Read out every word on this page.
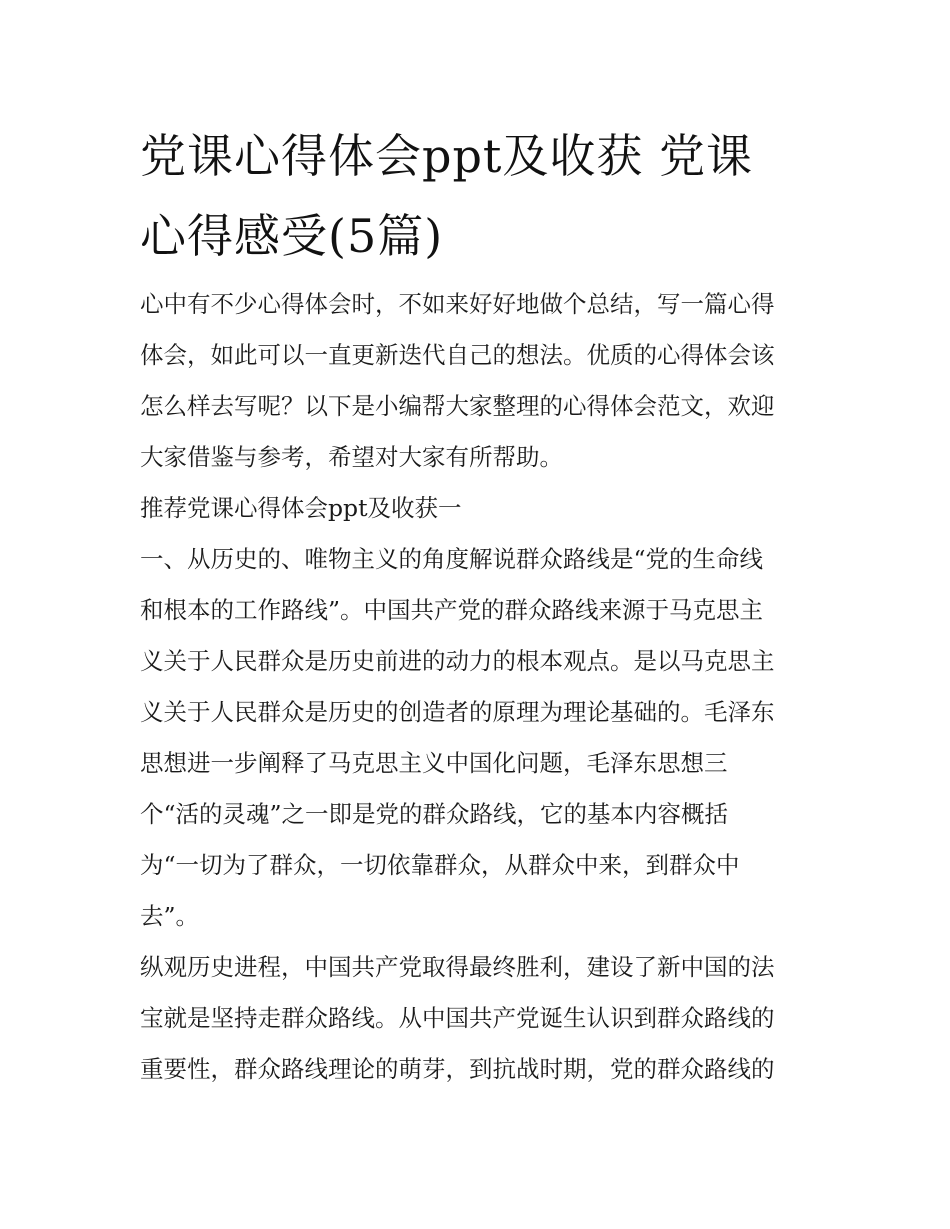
党课心得体会ppt及收获 党课
心得感受(5篇)
心中有不少心得体会时，不如来好好地做个总结，写一篇心得
体会，如此可以一直更新迭代自己的想法。优质的心得体会该
怎么样去写呢？以下是小编帮大家整理的心得体会范文，欢迎
大家借鉴与参考，希望对大家有所帮助。
推荐党课心得体会ppt及收获一
一、从历史的、唯物主义的角度解说群众路线是“党的生命线
和根本的工作路线”。中国共产党的群众路线来源于马克思主
义关于人民群众是历史前进的动力的根本观点。是以马克思主
义关于人民群众是历史的创造者的原理为理论基础的。毛泽东
思想进一步阐释了马克思主义中国化问题，毛泽东思想三
个“活的灵魂”之一即是党的群众路线，它的基本内容概括
为“一切为了群众，一切依靠群众，从群众中来，到群众中
去”。
纵观历史进程，中国共产党取得最终胜利，建设了新中国的法
宝就是坚持走群众路线。从中国共产党诞生认识到群众路线的
重要性，群众路线理论的萌芽，到抗战时期，党的群众路线的
